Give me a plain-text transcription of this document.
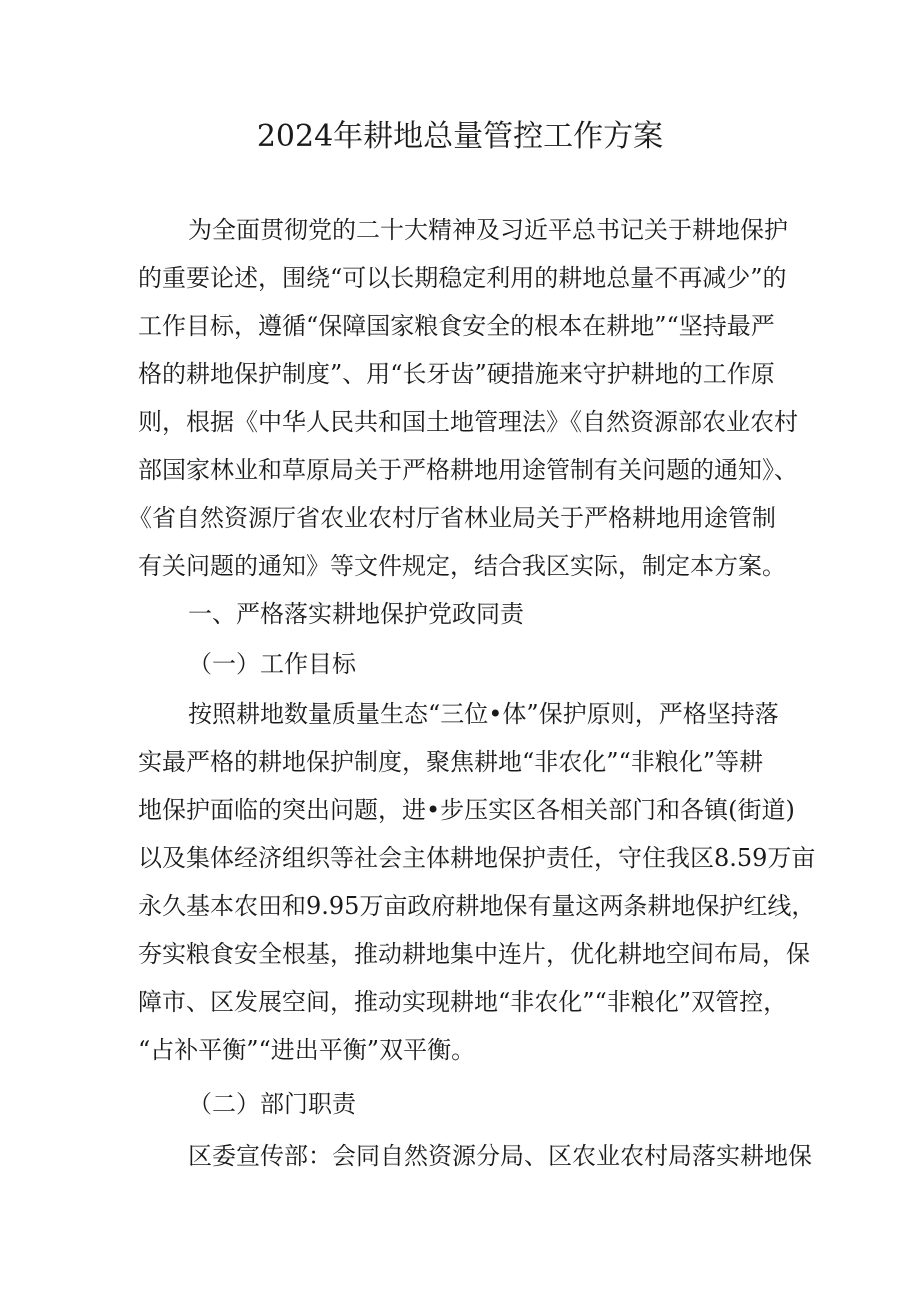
2024年耕地总量管控工作方案
为全面贯彻党的二十大精神及习近平总书记关于耕地保护
的重要论述，围绕“可以长期稳定利用的耕地总量不再减少”的
工作目标，遵循“保障国家粮食安全的根本在耕地”“坚持最严
格的耕地保护制度”、用“长牙齿”硬措施来守护耕地的工作原
则，根据《中华人民共和国土地管理法》《自然资源部农业农村
部国家林业和草原局关于严格耕地用途管制有关问题的通知》、
《省自然资源厅省农业农村厅省林业局关于严格耕地用途管制
有关问题的通知》等文件规定，结合我区实际，制定本方案。
一、严格落实耕地保护党政同责
（一）工作目标
按照耕地数量质量生态“三位•体”保护原则，严格坚持落
实最严格的耕地保护制度，聚焦耕地“非农化”“非粮化”等耕
地保护面临的突出问题，进•步压实区各相关部门和各镇(街道)
以及集体经济组织等社会主体耕地保护责任，守住我区8.59万亩
永久基本农田和9.95万亩政府耕地保有量这两条耕地保护红线，
夯实粮食安全根基，推动耕地集中连片，优化耕地空间布局，保
障市、区发展空间，推动实现耕地“非农化”“非粮化”双管控，
“占补平衡”“进出平衡”双平衡。
（二）部门职责
区委宣传部：会同自然资源分局、区农业农村局落实耕地保
